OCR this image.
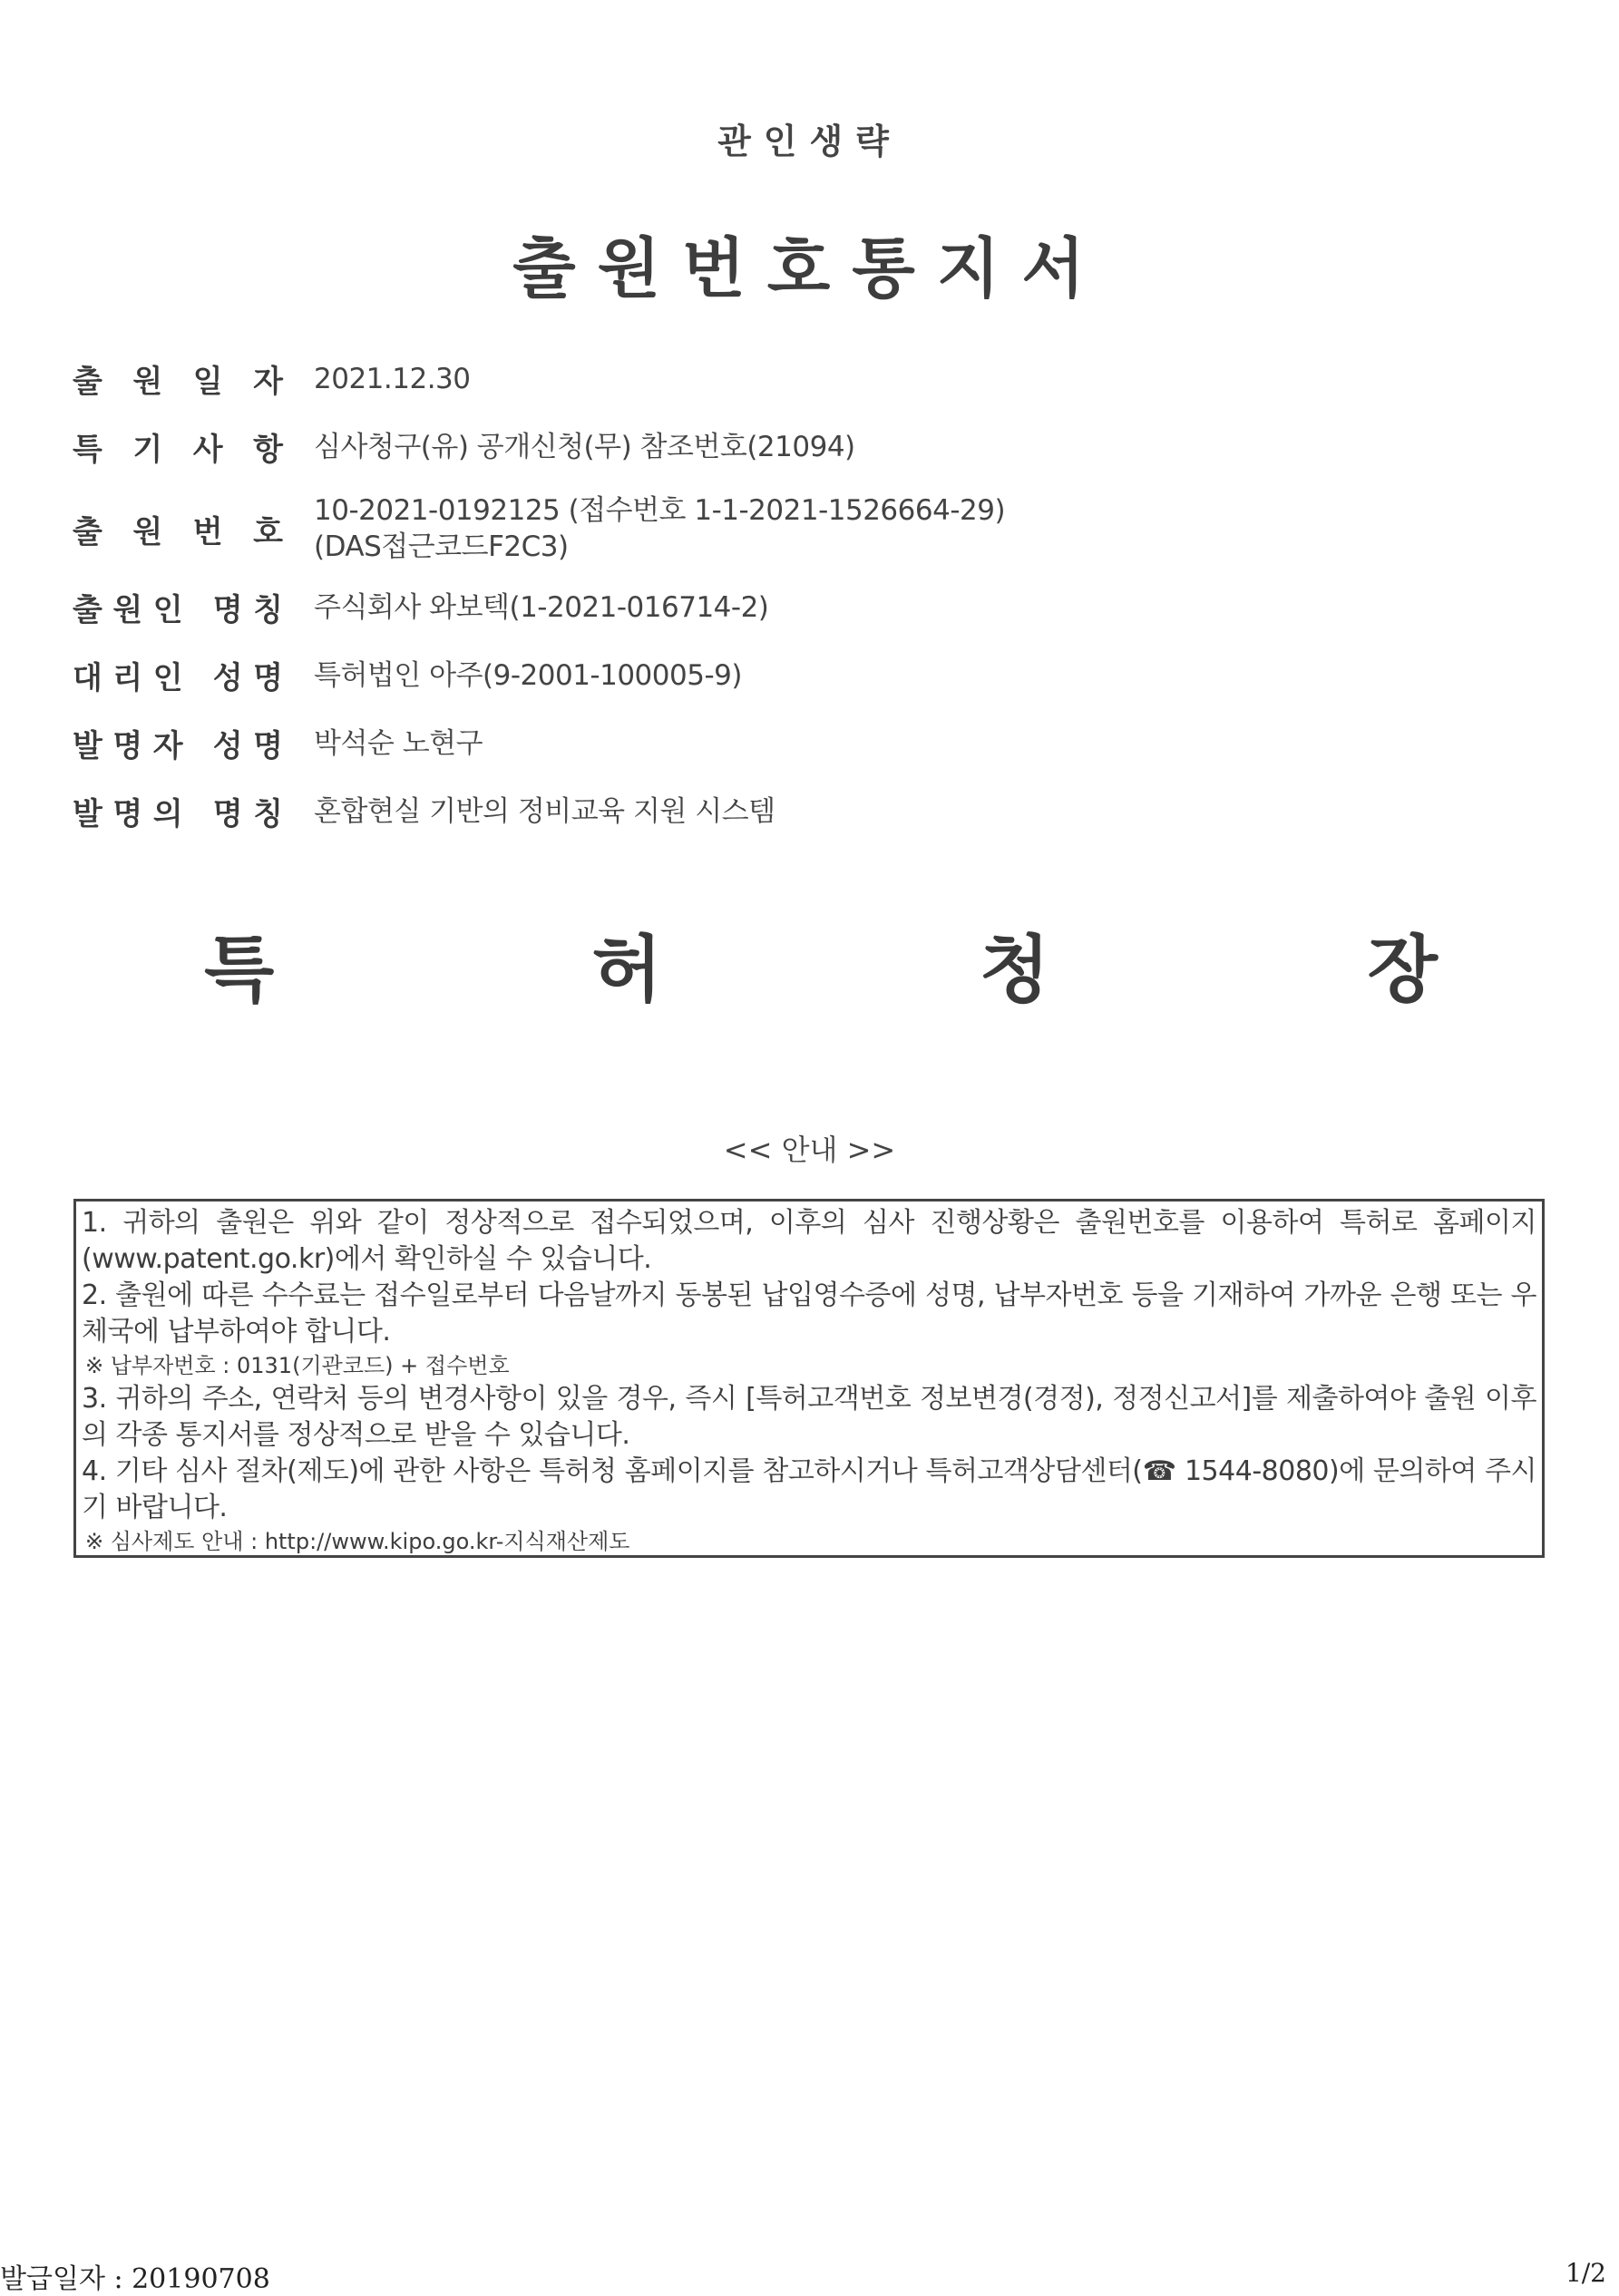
관인생략
출원번호통지서
출 원 일 자 2021.12.30
특 기 사 항 심사청구(유) 공개신청(무) 참조번호(21094)
출 원 번 호
10-2021-0192125 (접수번호 1-1-2021-1526664-29)
(DAS접근코드F2C3)
출 원 인 명 칭 주식회사 와보텍(1-2021-016714-2)
대 리 인 성 명 특허법인 아주(9-2001-100005-9)
발 명 자 성 명 박석순 노현구
발 명 의 명 칭 혼합현실 기반의 정비교육 지원 시스템
특	허	청	장
<< 안내 >>
1. 귀하의 출원은 위와 같이 정상적으로 접수되었으며, 이후의 심사 진행상황은 출원번호를 이용하여 특허로 홈페이지(www.patent.go.kr)에서 확인하실 수 있습니다.
2. 출원에 따른 수수료는 접수일로부터 다음날까지 동봉된 납입영수증에 성명, 납부자번호 등을 기재하여 가까운 은행 또는 우체국에 납부하여야 합니다.
※ 납부자번호 : 0131(기관코드) + 접수번호
3. 귀하의 주소, 연락처 등의 변경사항이 있을 경우, 즉시 [특허고객번호 정보변경(경정), 정정신고서]를 제출하여야 출원 이후의 각종 통지서를 정상적으로 받을 수 있습니다.
4. 기타 심사 절차(제도)에 관한 사항은 특허청 홈페이지를 참고하시거나 특허고객상담센터(☎ 1544-8080)에 문의하여 주시기 바랍니다.
※ 심사제도 안내 : http://www.kipo.go.kr-지식재산제도
발급일자 : 20190708	1/2
